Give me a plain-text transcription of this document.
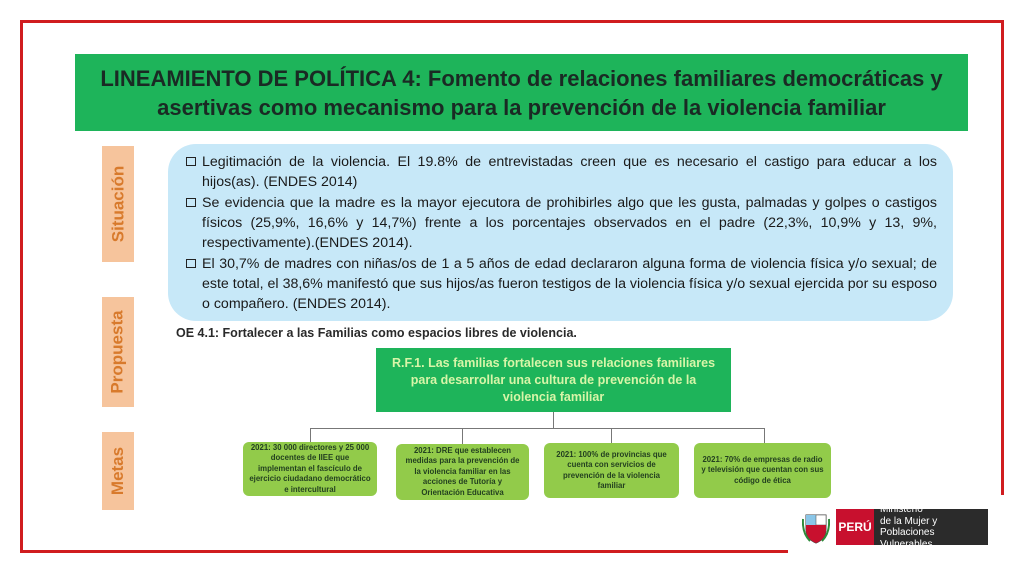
LINEAMIENTO DE POLÍTICA 4: Fomento de relaciones familiares democráticas y asertivas como mecanismo para la prevención de la violencia familiar
Situación
Propuesta
Metas
Legitimación de la violencia. El 19.8% de entrevistadas creen que es necesario el castigo para educar a los hijos(as). (ENDES 2014)
Se evidencia que la madre es la mayor ejecutora de prohibirles algo que les gusta, palmadas y golpes o castigos físicos (25,9%, 16,6% y 14,7%) frente a los porcentajes observados en el padre (22,3%, 10,9% y 13, 9%, respectivamente).(ENDES 2014).
El 30,7% de madres con niñas/os de 1 a 5 años de edad declararon alguna forma de violencia física y/o sexual; de este total, el 38,6% manifestó que sus hijos/as fueron testigos de la violencia física y/o sexual ejercida por su esposo o compañero. (ENDES 2014).
OE 4.1: Fortalecer a las Familias como espacios libres de violencia.
R.F.1. Las familias fortalecen sus relaciones familiares para desarrollar una cultura de prevención de la violencia familiar
2021: 30 000 directores y 25 000 docentes de IIEE que implementan el fascículo de ejercicio ciudadano democrático e intercultural
2021: DRE que establecen medidas para la prevención de la violencia familiar en las acciones de Tutoría y Orientación Educativa
2021: 100% de provincias que cuenta con servicios de prevención de la violencia familiar
2021: 70% de empresas de radio y televisión que cuentan con sus código de ética
PERÚ
Ministerio
de la Mujer y
Poblaciones Vulnerables
